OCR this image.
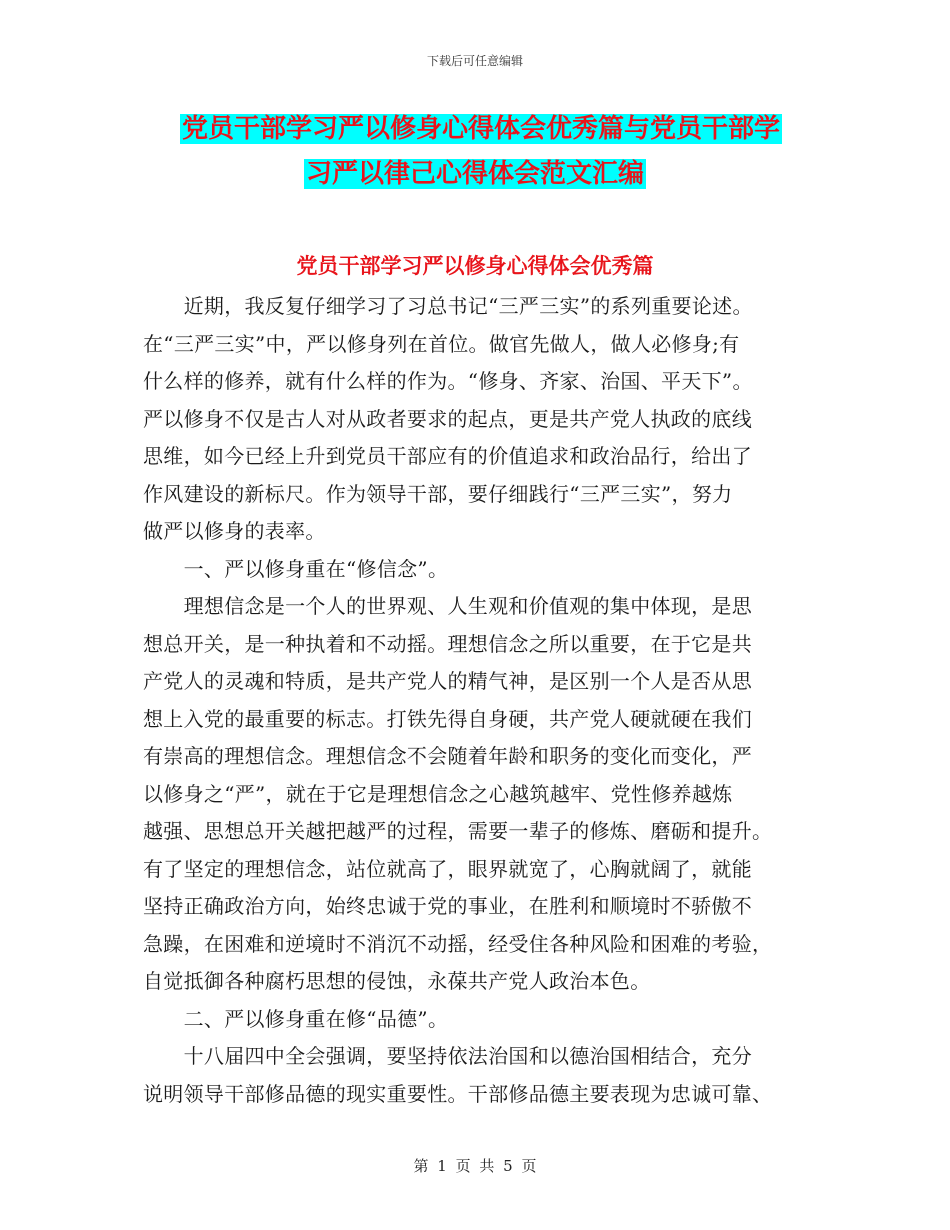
下载后可任意编辑
党员干部学习严以修身心得体会优秀篇与党员干部学
习严以律己心得体会范文汇编
党员干部学习严以修身心得体会优秀篇
　　近期，我反复仔细学习了习总书记“三严三实”的系列重要论述。
在“三严三实”中，严以修身列在首位。做官先做人，做人必修身;有
什么样的修养，就有什么样的作为。“修身、齐家、治国、平天下”。
严以修身不仅是古人对从政者要求的起点，更是共产党人执政的底线
思维，如今已经上升到党员干部应有的价值追求和政治品行，给出了
作风建设的新标尺。作为领导干部，要仔细践行“三严三实”，努力
做严以修身的表率。
　　一、严以修身重在“修信念”。
　　理想信念是一个人的世界观、人生观和价值观的集中体现，是思
想总开关，是一种执着和不动摇。理想信念之所以重要，在于它是共
产党人的灵魂和特质，是共产党人的精气神，是区别一个人是否从思
想上入党的最重要的标志。打铁先得自身硬，共产党人硬就硬在我们
有崇高的理想信念。理想信念不会随着年龄和职务的变化而变化，严
以修身之“严”，就在于它是理想信念之心越筑越牢、党性修养越炼
越强、思想总开关越把越严的过程，需要一辈子的修炼、磨砺和提升。
有了坚定的理想信念，站位就高了，眼界就宽了，心胸就阔了，就能
坚持正确政治方向，始终忠诚于党的事业，在胜利和顺境时不骄傲不
急躁，在困难和逆境时不消沉不动摇，经受住各种风险和困难的考验，
自觉抵御各种腐朽思想的侵蚀，永葆共产党人政治本色。
　　二、严以修身重在修“品德”。
　　十八届四中全会强调，要坚持依法治国和以德治国相结合，充分
说明领导干部修品德的现实重要性。干部修品德主要表现为忠诚可靠、
第 1 页 共 5 页
